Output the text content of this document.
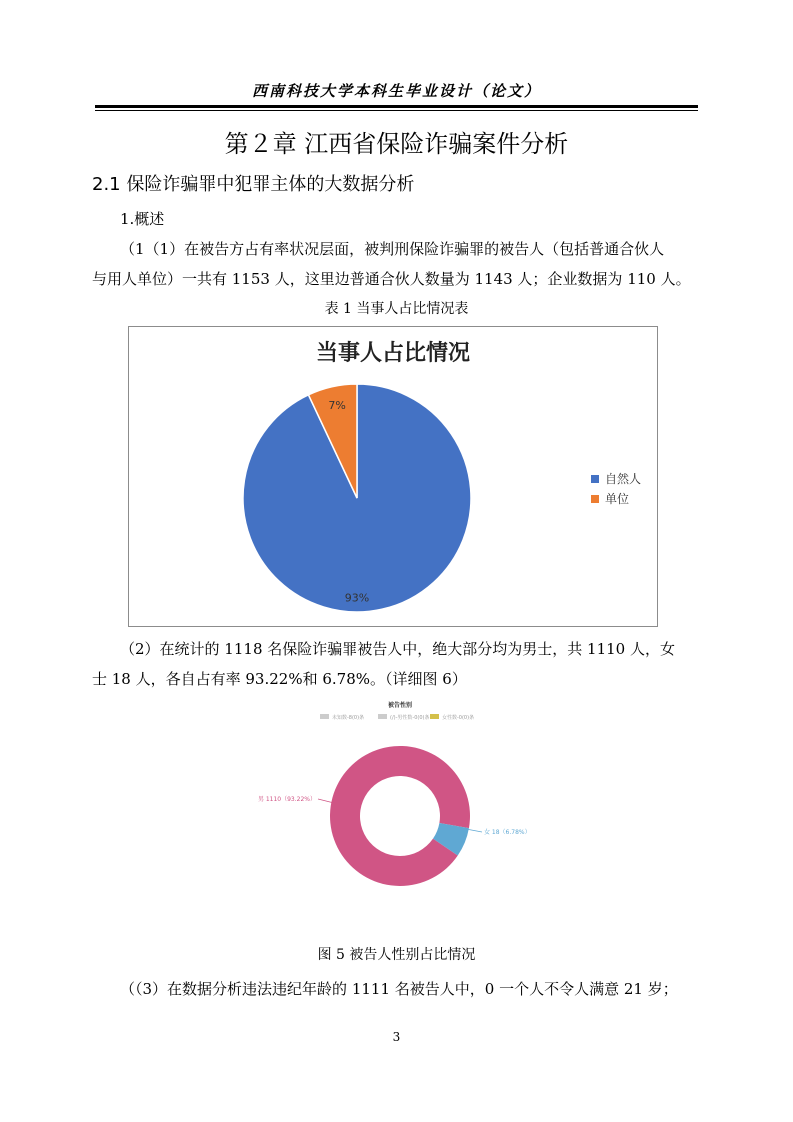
西南科技大学本科生毕业设计（论文）
第２章 江西省保险诈骗案件分析
2.1 保险诈骗罪中犯罪主体的大数据分析
1.概述
（1（1）在被告方占有率状况层面，被判刑保险诈骗罪的被告人（包括普通合伙人
与用人单位）一共有 1153 人，这里边普通合伙人数量为 1143 人；企业数据为 110 人。
表 1 当事人占比情况表
当事人占比情况
93%
7%
自然人
单位
（2）在统计的 1118 名保险诈骗罪被告人中，绝大部分均为男士，共 1110 人，女
士 18 人，各自占有率 93.22%和 6.78%。（详细图 6）
被告性别
未知数-8(0)条	(/)-男性数-0(0)条	女性数-0(0)条
男 1110（93.22%）
女 18（6.78%）
图 5 被告人性别占比情况
（（3）在数据分析违法违纪年龄的 1111 名被告人中，0 一个人不令人满意 21 岁；
3
